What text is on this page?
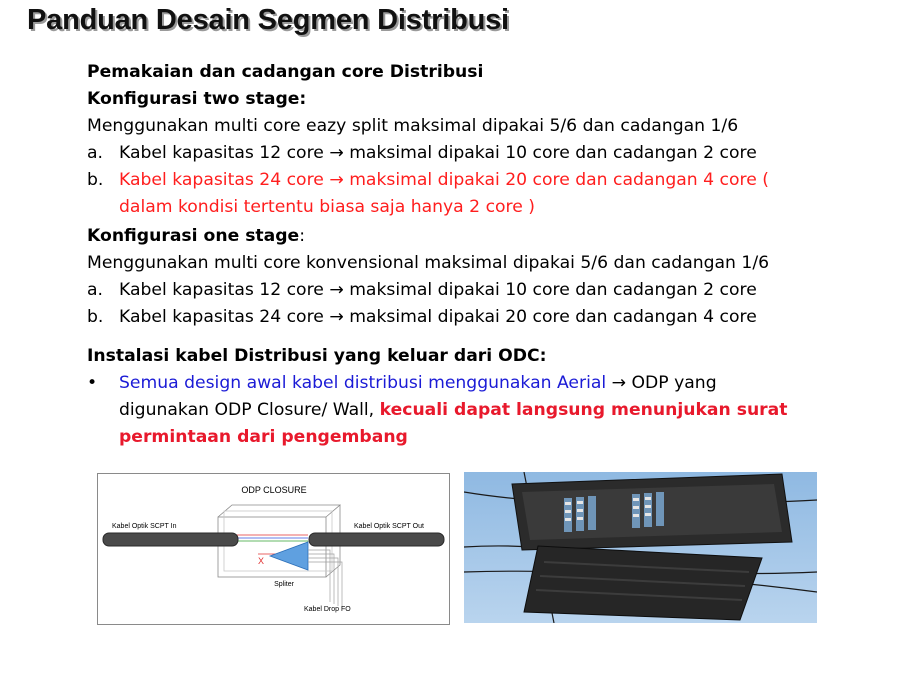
Panduan Desain Segmen Distribusi
Pemakaian dan cadangan core Distribusi
Konfigurasi two stage:
Menggunakan multi core eazy split maksimal dipakai 5/6 dan cadangan 1/6
a. Kabel kapasitas 12 core → maksimal dipakai 10 core dan cadangan 2 core
b. Kabel kapasitas 24 core → maksimal dipakai 20 core dan cadangan 4 core (
dalam kondisi tertentu biasa saja hanya 2 core )
Konfigurasi one stage:
Menggunakan multi core konvensional maksimal dipakai 5/6 dan cadangan 1/6
a. Kabel kapasitas 12 core → maksimal dipakai 10 core dan cadangan 2 core
b. Kabel kapasitas 24 core → maksimal dipakai 20 core dan cadangan 4 core
Instalasi kabel Distribusi yang keluar dari ODC:
•	Semua design awal kabel distribusi menggunakan Aerial → ODP yang
digunakan ODP Closure/ Wall, kecuali dapat langsung menunjukan surat
permintaan dari pengembang
ODP CLOSURE
Kabel Optik SCPT In	Kabel Optik SCPT Out
X
Spliter
Kabel Drop FO
